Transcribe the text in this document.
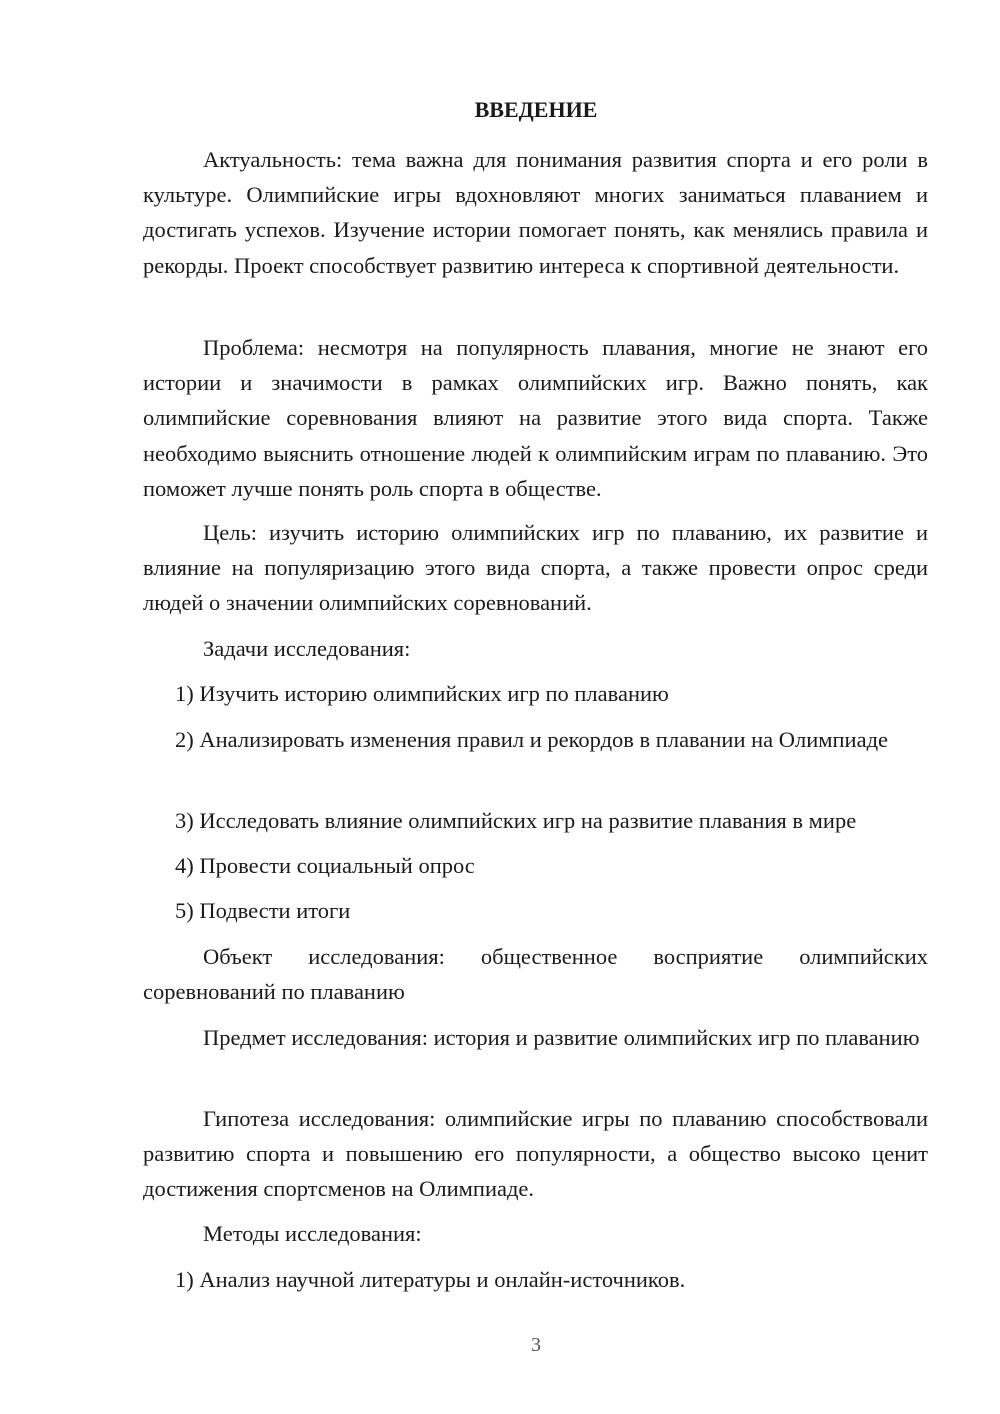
ВВЕДЕНИЕ
Актуальность: тема важна для понимания развития спорта и его роли в культуре. Олимпийские игры вдохновляют многих заниматься плаванием и достигать успехов. Изучение истории помогает понять, как менялись правила и рекорды. Проект способствует развитию интереса к спортивной деятельности.
Проблема: несмотря на популярность плавания, многие не знают его истории и значимости в рамках олимпийских игр. Важно понять, как олимпийские соревнования влияют на развитие этого вида спорта. Также необходимо выяснить отношение людей к олимпийским играм по плаванию. Это поможет лучше понять роль спорта в обществе.
Цель: изучить историю олимпийских игр по плаванию, их развитие и влияние на популяризацию этого вида спорта, а также провести опрос среди людей о значении олимпийских соревнований.
Задачи исследования:
1) Изучить историю олимпийских игр по плаванию
2) Анализировать изменения правил и рекордов в плавании на Олимпиаде
3) Исследовать влияние олимпийских игр на развитие плавания в мире
4) Провести социальный опрос
5) Подвести итоги
Объект исследования: общественное восприятие олимпийских соревнований по плаванию
Предмет исследования: история и развитие олимпийских игр по плаванию
Гипотеза исследования: олимпийские игры по плаванию способствовали развитию спорта и повышению его популярности, а общество высоко ценит достижения спортсменов на Олимпиаде.
Методы исследования:
1) Анализ научной литературы и онлайн-источников.
3
